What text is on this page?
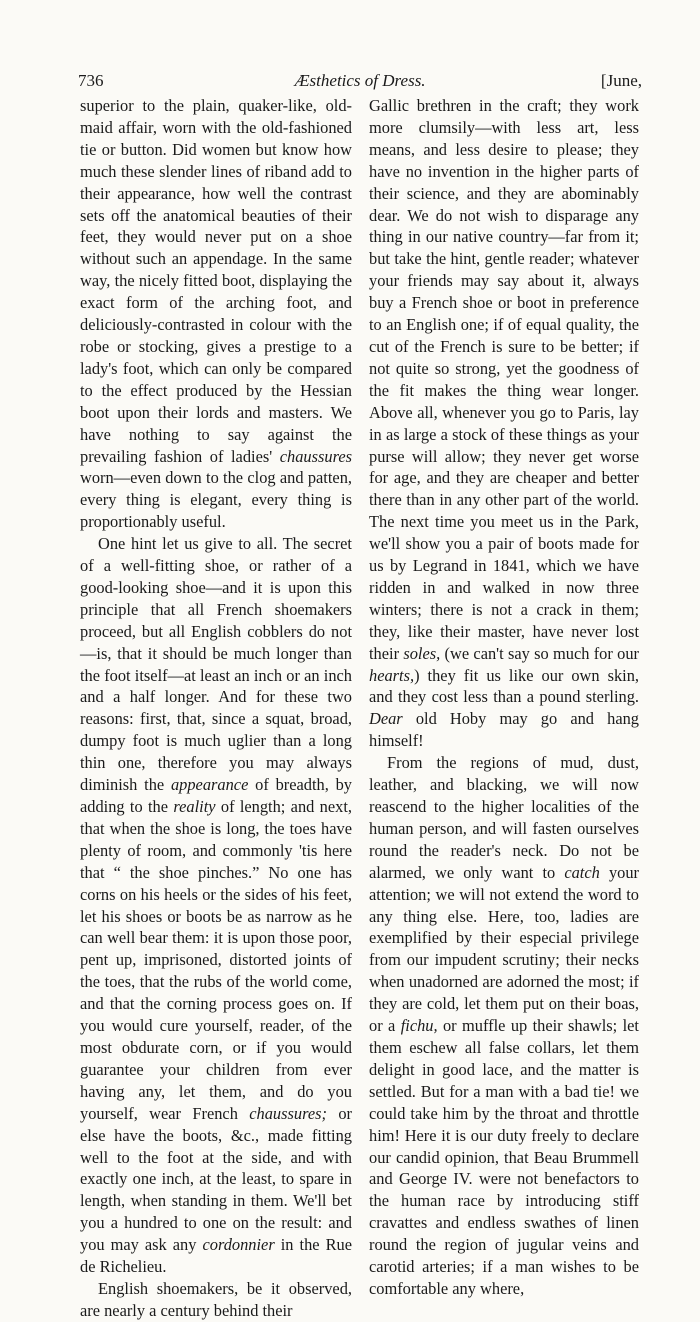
736	Æsthetics of Dress.	[June,

superior to the plain, quaker-like, old-maid affair, worn with the old-fashioned tie or button. Did women but know how much these slender lines of riband add to their appearance, how well the contrast sets off the anatomical beauties of their feet, they would never put on a shoe without such an appendage. In the same way, the nicely fitted boot, displaying the exact form of the arching foot, and deliciously-contrasted in colour with the robe or stocking, gives a prestige to a lady's foot, which can only be compared to the effect produced by the Hessian boot upon their lords and masters. We have nothing to say against the prevailing fashion of ladies' chaussures worn—even down to the clog and patten, every thing is elegant, every thing is proportionably useful.

One hint let us give to all. The secret of a well-fitting shoe, or rather of a good-looking shoe—and it is upon this principle that all French shoemakers proceed, but all English cobblers do not—is, that it should be much longer than the foot itself—at least an inch or an inch and a half longer. And for these two reasons: first, that, since a squat, broad, dumpy foot is much uglier than a long thin one, therefore you may always diminish the appearance of breadth, by adding to the reality of length; and next, that when the shoe is long, the toes have plenty of room, and commonly 'tis here that “ the shoe pinches.” No one has corns on his heels or the sides of his feet, let his shoes or boots be as narrow as he can well bear them: it is upon those poor, pent up, imprisoned, distorted joints of the toes, that the rubs of the world come, and that the corning process goes on. If you would cure yourself, reader, of the most obdurate corn, or if you would guarantee your children from ever having any, let them, and do you yourself, wear French chaussures; or else have the boots, &c., made fitting well to the foot at the side, and with exactly one inch, at the least, to spare in length, when standing in them. We'll bet you a hundred to one on the result: and you may ask any cordonnier in the Rue de Richelieu.

English shoemakers, be it observed, are nearly a century behind their

Gallic brethren in the craft; they work more clumsily—with less art, less means, and less desire to please; they have no invention in the higher parts of their science, and they are abominably dear. We do not wish to disparage any thing in our native country—far from it; but take the hint, gentle reader; whatever your friends may say about it, always buy a French shoe or boot in preference to an English one; if of equal quality, the cut of the French is sure to be better; if not quite so strong, yet the goodness of the fit makes the thing wear longer. Above all, whenever you go to Paris, lay in as large a stock of these things as your purse will allow; they never get worse for age, and they are cheaper and better there than in any other part of the world. The next time you meet us in the Park, we'll show you a pair of boots made for us by Legrand in 1841, which we have ridden in and walked in now three winters; there is not a crack in them; they, like their master, have never lost their soles, (we can't say so much for our hearts,) they fit us like our own skin, and they cost less than a pound sterling. Dear old Hoby may go and hang himself!

From the regions of mud, dust, leather, and blacking, we will now reascend to the higher localities of the human person, and will fasten ourselves round the reader's neck. Do not be alarmed, we only want to catch your attention; we will not extend the word to any thing else. Here, too, ladies are exemplified by their especial privilege from our impudent scrutiny; their necks when unadorned are adorned the most; if they are cold, let them put on their boas, or a fichu, or muffle up their shawls; let them eschew all false collars, let them delight in good lace, and the matter is settled. But for a man with a bad tie! we could take him by the throat and throttle him! Here it is our duty freely to declare our candid opinion, that Beau Brummell and George IV. were not benefactors to the human race by introducing stiff cravattes and endless swathes of linen round the region of jugular veins and carotid arteries; if a man wishes to be comfortable any where,
